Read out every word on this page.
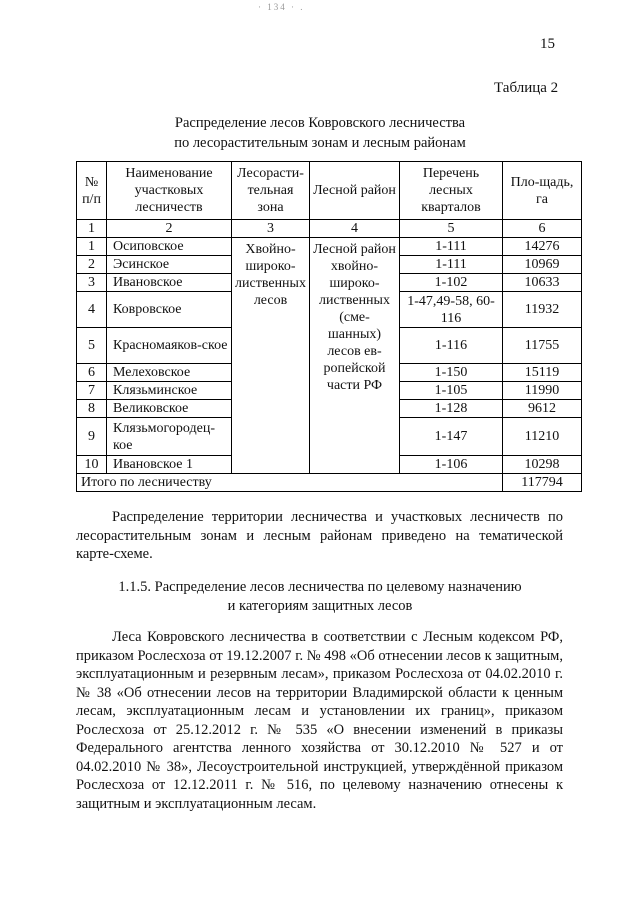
· 134 · .
15
Таблица 2
Распределение лесов Ковровского лесничества
по лесорастительным зонам и лесным районам
№ п/п	Наименование участковых лесничеств	Лесорасти-тельная зона	Лесной район	Перечень лесных кварталов	Пло-щадь, га
1	2	3	4	5	6
1	Осиповское	Хвойно-широко-лиственных лесов	Лесной район хвойно-широко-лиственных (сме-шанных) лесов ев-ропейской части РФ	1-111	14276
2	Эсинское			1-111	10969
3	Ивановское			1-102	10633
4	Ковровское			1-47,49-58, 60-116	11932
5	Красномаяков-ское			1-116	11755
6	Мелеховское			1-150	15119
7	Клязьминское			1-105	11990
8	Великовское			1-128	9612
9	Клязьмогородец-кое			1-147	11210
10	Ивановское 1			1-106	10298
Итого по лесничеству					117794
Распределение территории лесничества и участковых лесничеств по лесорастительным зонам и лесным районам приведено на тематической карте-схеме.
1.1.5. Распределение лесов лесничества по целевому назначению
и категориям защитных лесов
Леса Ковровского лесничества в соответствии с Лесным кодексом РФ, приказом Рослесхоза от 19.12.2007 г. № 498 «Об отнесении лесов к защитным, эксплуатационным и резервным лесам», приказом Рослесхоза от 04.02.2010 г. № 38 «Об отнесении лесов на территории Владимирской области к ценным лесам, эксплуатационным лесам и установлении их границ», приказом Рослесхоза от 25.12.2012 г. № 535 «О внесении изменений в приказы Федерального агентства ленного хозяйства от 30.12.2010 № 527 и от 04.02.2010 № 38», Лесоустроительной инструкцией, утверждённой приказом Рослесхоза от 12.12.2011 г. № 516, по целевому назначению отнесены к защитным и эксплуатационным лесам.
